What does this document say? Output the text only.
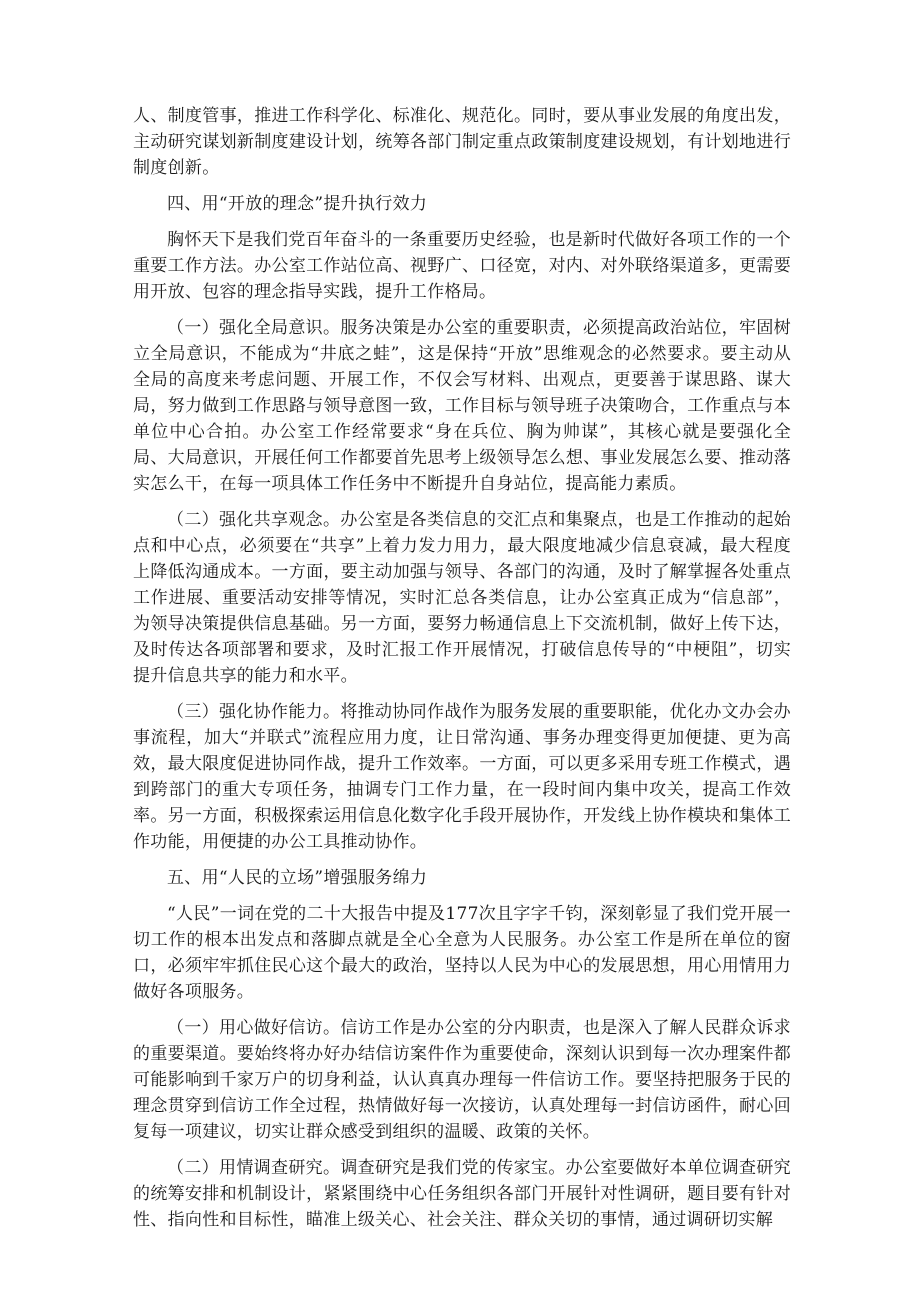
人、制度管事，推进工作科学化、标准化、规范化。同时，要从事业发展的角度出发，主动研究谋划新制度建设计划，统筹各部门制定重点政策制度建设规划，有计划地进行制度创新。

四、用“开放的理念”提升执行效力

胸怀天下是我们党百年奋斗的一条重要历史经验，也是新时代做好各项工作的一个重要工作方法。办公室工作站位高、视野广、口径宽，对内、对外联络渠道多，更需要用开放、包容的理念指导实践，提升工作格局。

（一）强化全局意识。服务决策是办公室的重要职责，必须提高政治站位，牢固树立全局意识，不能成为“井底之蛙”，这是保持“开放”思维观念的必然要求。要主动从全局的高度来考虑问题、开展工作，不仅会写材料、出观点，更要善于谋思路、谋大局，努力做到工作思路与领导意图一致，工作目标与领导班子决策吻合，工作重点与本单位中心合拍。办公室工作经常要求“身在兵位、胸为帅谋”，其核心就是要强化全局、大局意识，开展任何工作都要首先思考上级领导怎么想、事业发展怎么要、推动落实怎么干，在每一项具体工作任务中不断提升自身站位，提高能力素质。

（二）强化共享观念。办公室是各类信息的交汇点和集聚点，也是工作推动的起始点和中心点，必须要在“共享”上着力发力用力，最大限度地减少信息衰减，最大程度上降低沟通成本。一方面，要主动加强与领导、各部门的沟通，及时了解掌握各处重点工作进展、重要活动安排等情况，实时汇总各类信息，让办公室真正成为“信息部”，为领导决策提供信息基础。另一方面，要努力畅通信息上下交流机制，做好上传下达，及时传达各项部署和要求，及时汇报工作开展情况，打破信息传导的“中梗阻”，切实提升信息共享的能力和水平。

（三）强化协作能力。将推动协同作战作为服务发展的重要职能，优化办文办会办事流程，加大“并联式”流程应用力度，让日常沟通、事务办理变得更加便捷、更为高效，最大限度促进协同作战，提升工作效率。一方面，可以更多采用专班工作模式，遇到跨部门的重大专项任务，抽调专门工作力量，在一段时间内集中攻关，提高工作效率。另一方面，积极探索运用信息化数字化手段开展协作，开发线上协作模块和集体工作功能，用便捷的办公工具推动协作。

五、用“人民的立场”增强服务绵力

“人民”一词在党的二十大报告中提及177次且字字千钧，深刻彰显了我们党开展一切工作的根本出发点和落脚点就是全心全意为人民服务。办公室工作是所在单位的窗口，必须牢牢抓住民心这个最大的政治，坚持以人民为中心的发展思想，用心用情用力做好各项服务。

（一）用心做好信访。信访工作是办公室的分内职责，也是深入了解人民群众诉求的重要渠道。要始终将办好办结信访案件作为重要使命，深刻认识到每一次办理案件都可能影响到千家万户的切身利益，认认真真办理每一件信访工作。要坚持把服务于民的理念贯穿到信访工作全过程，热情做好每一次接访，认真处理每一封信访函件，耐心回复每一项建议，切实让群众感受到组织的温暖、政策的关怀。

（二）用情调查研究。调查研究是我们党的传家宝。办公室要做好本单位调查研究的统筹安排和机制设计，紧紧围绕中心任务组织各部门开展针对性调研，题目要有针对性、指向性和目标性，瞄准上级关心、社会关注、群众关切的事情，通过调研切实解
